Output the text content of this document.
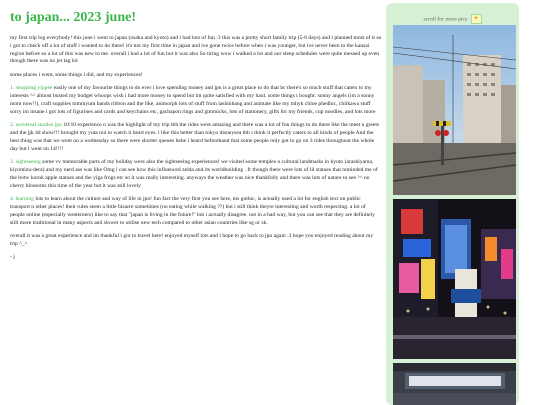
to japan... 2023 june!

my first trip log everybody! this june i went to japan (osaka and kyoto) and i had lots of fun :3 this was a pretty short family trip (5-6 days) and i planned most of it so i got to check off a lot of stuff i wanted to do there! it's not my first time in japan and ive gone twice before when i was younger, but ive never been to the kansai region before so a lot of this was new to me. overall i had a lot of fun but it was also So tiring wow i walked a lot and our sleep schedules were quite messed up even though there was no jet lag lol

some places i went, some things i did, and my experiences!

1. shopping yippee easily one of my favourite things to do ever i love spending money and jpn is a great place to do that bc there's so much stuff that caters to my interests ^^ almost busted my budget whoops wish i had more money to spend but im quite satisfied with my haul. some things i bought: sonny angels (im a sonny mom now!!), craft supplies mmmyum bands ribbon and the like, animorph lots of stuff from lashinbang and animate like my mhyk chloe phedhic, chiikawa stuff sorry im insane i got lots of figurines and cards and keychains etc, gachapon rings and gimmicks, lots of stationery, gifts for my friends, cup noodles, and lots more

2. universal studios jpn 10/10 experience n was the highlight of my trip tbh the rides were amazing and there was a lot of fun things to do there like the meet n greets and the jjk 4d show!!! brought my yuta nui to watch it heart eyes. i like this better than tokyo disneysea tbh i think it perfectly caters to all kinds of people And the best thing was that we went on a wednesday so there were shorter queues hehe i heard beforehand that some people only got to go on 3 rides throughout the whole day but i went on 14!!!!

3. sightseeing some vv memorable parts of my holiday were also the sightseeing experiences! we visited some temples n cultural landmarks in kyoto (arashiyama, kiyomizu-dera) and my nerd ass was like Omg i can see how this influenced zelda and its worldbuilding . fr though there were lots of lil statues that reminded me of the botw korok apple statues and the yiga frogs etc so it was really interesting. anyways the weather was nice thankfully and there was lots of nature to see ^^ no cherry blossoms this time of the year but it was still lovely

4. learning lots to learn about the culture and way of life in jpn! fun fact the very first you see here, ms gothic, is actually used a lot for english text on public transport n other places! their rules seem a little bizarre sometimes (no eating while walking ??) but i still think theyre interesting and worth respecting. a lot of people online (especially westerners) like to say that "japan is living in the future!" but i actually disagree. not in a bad way, but you can see that they are definitely still more traditional in many aspects and slower to utilise new tech compared to other asian countries like sg or sk.

overall it was a great experience and im thankful i got to travel here! enjoyed myself lots and i hope to go back to jpn again :3 hope you enjoyed reading about my trip ^_^

- j

scroll for more pics ✦
